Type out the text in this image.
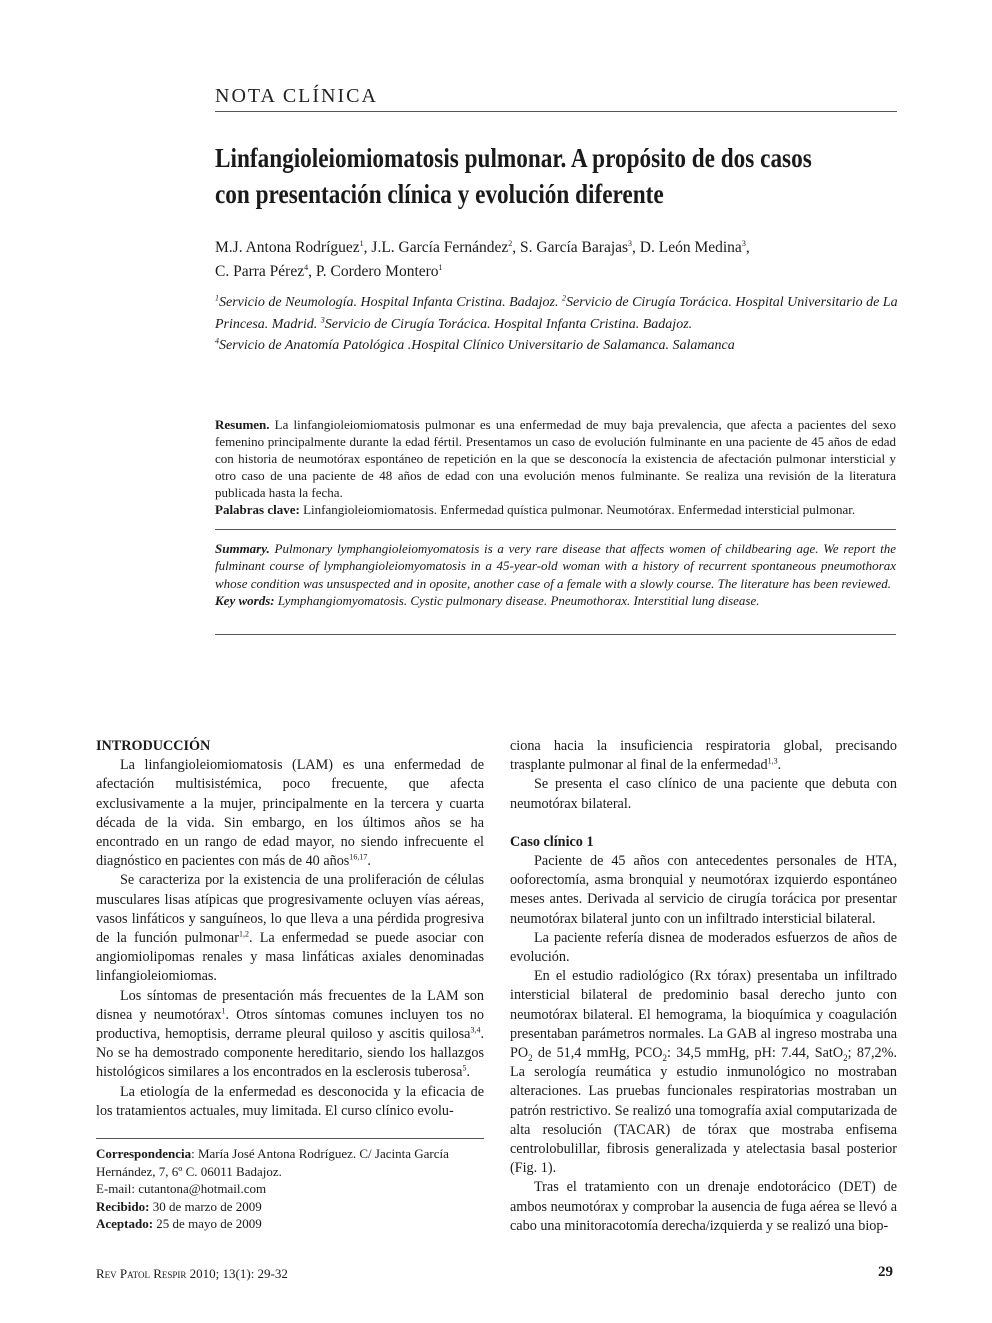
NOTA CLÍNICA
Linfangioleiomiomatosis pulmonar. A propósito de dos casos
con presentación clínica y evolución diferente
M.J. Antona Rodríguez$^1$, J.L. García Fernández$^2$, S. García Barajas$^3$, D. León Medina$^3$,
C. Parra Pérez$^4$, P. Cordero Montero$^1$
$^1$Servicio de Neumología. Hospital Infanta Cristina. Badajoz. $^2$Servicio de Cirugía Torácica. Hospital Universitario de La Princesa. Madrid. $^3$Servicio de Cirugía Torácica. Hospital Infanta Cristina. Badajoz.
$^4$Servicio de Anatomía Patológica .Hospital Clínico Universitario de Salamanca. Salamanca
Resumen. La linfangioleiomiomatosis pulmonar es una enfermedad de muy baja prevalencia, que afecta a pacientes del sexo femenino principalmente durante la edad fértil. Presentamos un caso de evolución fulminante en una paciente de 45 años de edad con historia de neumotórax espontáneo de repetición en la que se desconocía la existencia de afectación pulmonar intersticial y otro caso de una paciente de 48 años de edad con una evolución menos fulminante. Se realiza una revisión de la literatura publicada hasta la fecha.
Palabras clave: Linfangioleiomiomatosis. Enfermedad quística pulmonar. Neumotórax. Enfermedad intersticial pulmonar.
Summary. Pulmonary lymphangioleiomyomatosis is a very rare disease that affects women of childbearing age. We report the fulminant course of lymphangioleiomyomatosis in a 45-year-old woman with a history of recurrent spontaneous pneumothorax whose condition was unsuspected and in oposite, another case of a female with a slowly course. The literature has been reviewed.
Key words: Lymphangiomyomatosis. Cystic pulmonary disease. Pneumothorax. Interstitial lung disease.
INTRODUCCIÓN

La linfangioleiomiomatosis (LAM) es una enfermedad de afectación multisistémica, poco frecuente, que afecta exclusivamente a la mujer, principalmente en la tercera y cuarta década de la vida. Sin embargo, en los últimos años se ha encontrado en un rango de edad mayor, no siendo infrecuente el diagnóstico en pacientes con más de 40 años$^{16,17}$.

Se caracteriza por la existencia de una proliferación de células musculares lisas atípicas que progresivamente ocluyen vías aéreas, vasos linfáticos y sanguíneos, lo que lleva a una pérdida progresiva de la función pulmonar$^{1,2}$. La enfermedad se puede asociar con angiomiolipomas renales y masa linfáticas axiales denominadas linfangioleiomiomas.

Los síntomas de presentación más frecuentes de la LAM son disnea y neumotórax$^1$. Otros síntomas comunes incluyen tos no productiva, hemoptisis, derrame pleural quiloso y ascitis quilosa$^{3,4}$. No se ha demostrado componente hereditario, siendo los hallazgos histológicos similares a los encontrados en la esclerosis tuberosa$^5$.

La etiología de la enfermedad es desconocida y la eficacia de los tratamientos actuales, muy limitada. El curso clínico evolu-

ciona hacia la insuficiencia respiratoria global, precisando trasplante pulmonar al final de la enfermedad$^{1,3}$.

Se presenta el caso clínico de una paciente que debuta con neumotórax bilateral.

Caso clínico 1

Paciente de 45 años con antecedentes personales de HTA, ooforectomía, asma bronquial y neumotórax izquierdo espontáneo meses antes. Derivada al servicio de cirugía torácica por presentar neumotórax bilateral junto con un infiltrado intersticial bilateral.

La paciente refería disnea de moderados esfuerzos de años de evolución.

En el estudio radiológico (Rx tórax) presentaba un infiltrado intersticial bilateral de predominio basal derecho junto con neumotórax bilateral. El hemograma, la bioquímica y coagulación presentaban parámetros normales. La GAB al ingreso mostraba una $PO_2$ de 51,4 mmHg, $PCO_2$: 34,5 mmHg, pH: 7.44, SatO$_2$; 87,2%. La serología reumática y estudio inmunológico no mostraban alteraciones. Las pruebas funcionales respiratorias mostraban un patrón restrictivo. Se realizó una tomografía axial computarizada de alta resolución (TACAR) de tórax que mostraba enfisema centrolobulillar, fibrosis generalizada y atelectasia basal posterior (Fig. 1).

Tras el tratamiento con un drenaje endotorácico (DET) de ambos neumotórax y comprobar la ausencia de fuga aérea se llevó a cabo una minitoracotomía derecha/izquierda y se realizó una biop-

Correspondencia: María José Antona Rodríguez. C/ Jacinta García Hernández, 7, 6º C. 06011 Badajoz.
E-mail: cutantona@hotmail.com
Recibido: 30 de marzo de 2009
Aceptado: 25 de mayo de 2009
Rev Patol Respir 2010; 13(1): 29-32	29
